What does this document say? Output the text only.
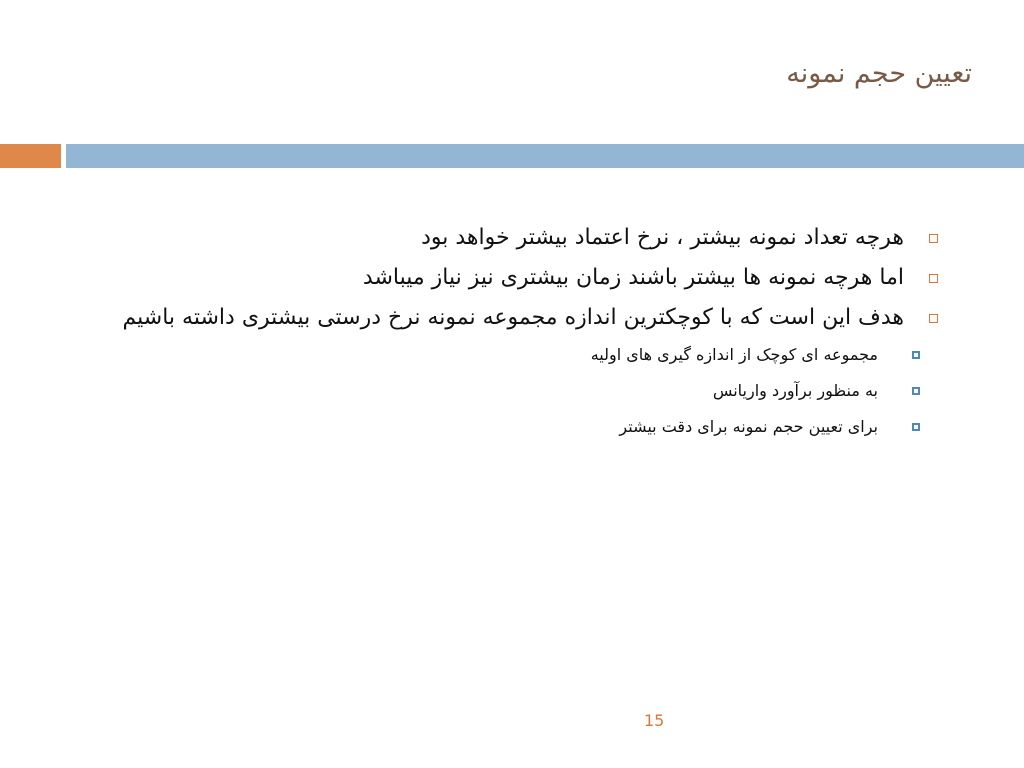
تعیین حجم نمونه
هرچه تعداد نمونه بیشتر ، نرخ اعتماد بیشتر خواهد بود
اما هرچه نمونه ها بیشتر باشند زمان بیشتری نیز نیاز میباشد
هدف این است که با کوچکترین اندازه مجموعه نمونه نرخ درستی بیشتری داشته باشیم
مجموعه ای کوچک از اندازه گیری های اولیه
به منظور برآورد واریانس
برای تعیین حجم نمونه برای دقت بیشتر
15
